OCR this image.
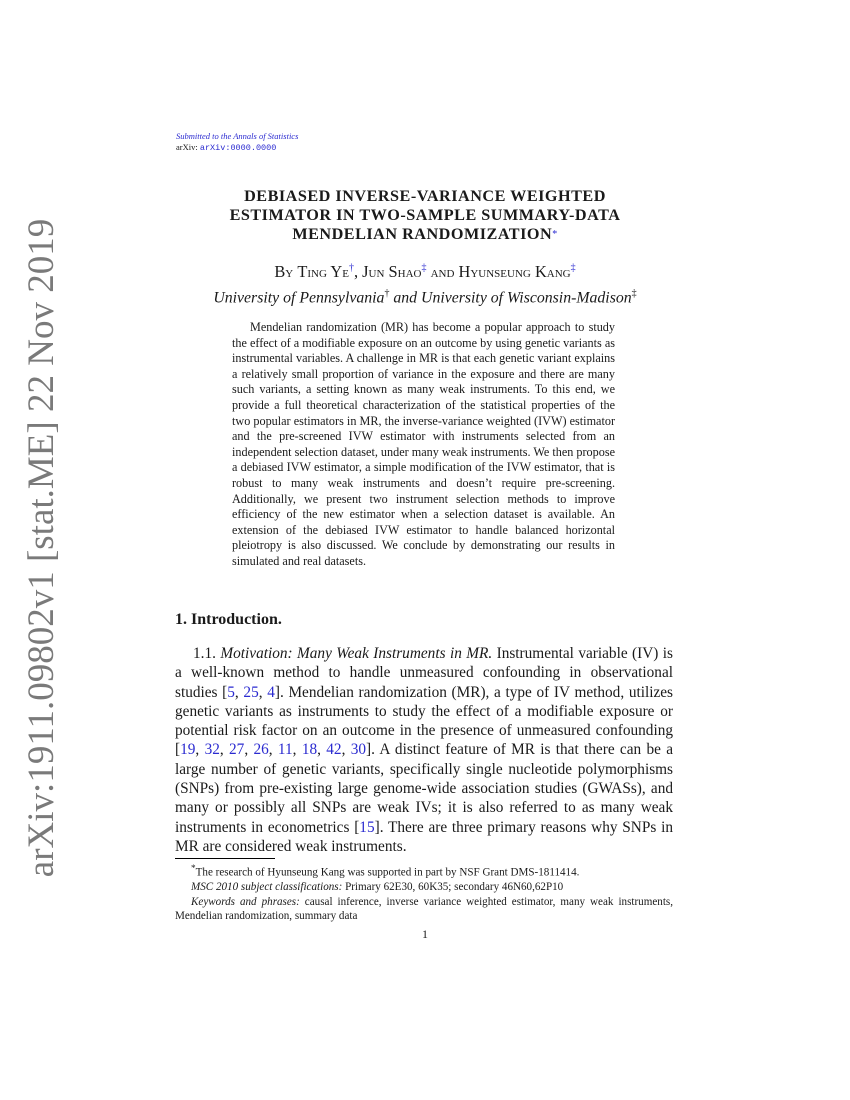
arXiv:1911.09802v1 [stat.ME] 22 Nov 2019
Submitted to the Annals of Statistics
arXiv: arXiv:0000.0000
DEBIASED INVERSE-VARIANCE WEIGHTED
ESTIMATOR IN TWO-SAMPLE SUMMARY-DATA
MENDELIAN RANDOMIZATION*
By Ting Ye†, Jun Shao‡ and Hyunseung Kang‡
University of Pennsylvania† and University of Wisconsin-Madison‡
Mendelian randomization (MR) has become a popular approach to study the effect of a modifiable exposure on an outcome by using genetic variants as instrumental variables. A challenge in MR is that each genetic variant explains a relatively small proportion of variance in the exposure and there are many such variants, a setting known as many weak instruments. To this end, we provide a full theoretical characterization of the statistical properties of the two popular estimators in MR, the inverse-variance weighted (IVW) estimator and the pre-screened IVW estimator with instruments selected from an independent selection dataset, under many weak instruments. We then propose a debiased IVW estimator, a simple modification of the IVW estimator, that is robust to many weak instruments and doesn’t require pre-screening. Additionally, we present two instrument selection methods to improve efficiency of the new estimator when a selection dataset is available. An extension of the debiased IVW estimator to handle balanced horizontal pleiotropy is also discussed. We conclude by demonstrating our results in simulated and real datasets.
1. Introduction.
1.1. Motivation: Many Weak Instruments in MR. Instrumental variable (IV) is a well-known method to handle unmeasured confounding in observational studies [5, 25, 4]. Mendelian randomization (MR), a type of IV method, utilizes genetic variants as instruments to study the effect of a modifiable exposure or potential risk factor on an outcome in the presence of unmeasured confounding [19, 32, 27, 26, 11, 18, 42, 30]. A distinct feature of MR is that there can be a large number of genetic variants, specifically single nucleotide polymorphisms (SNPs) from pre-existing large genome-wide association studies (GWASs), and many or possibly all SNPs are weak IVs; it is also referred to as many weak instruments in econometrics [15]. There are three primary reasons why SNPs in MR are considered weak instruments.

*The research of Hyunseung Kang was supported in part by NSF Grant DMS-1811414.

MSC 2010 subject classifications: Primary 62E30, 60K35; secondary 46N60,62P10

Keywords and phrases: causal inference, inverse variance weighted estimator, many weak instruments, Mendelian randomization, summary data

1
